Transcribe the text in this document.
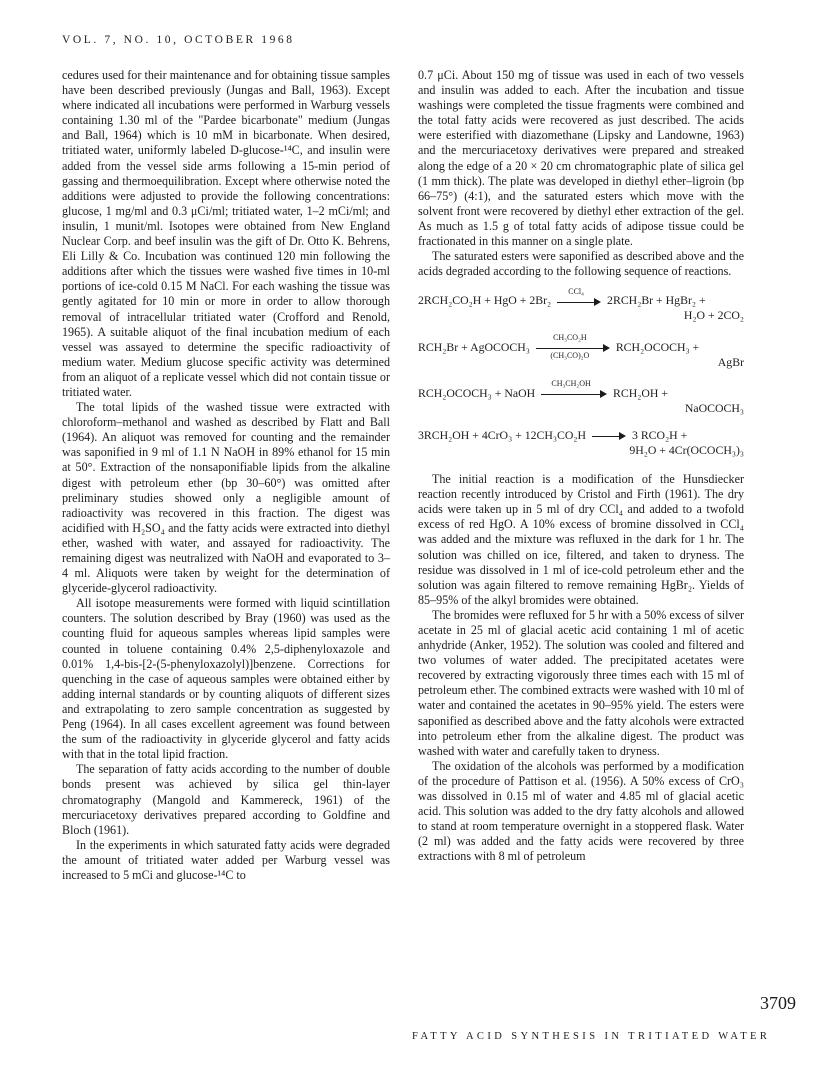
VOL. 7, NO. 10, OCTOBER 1968

cedures used for their maintenance and for obtaining tissue samples have been described previously (Jungas and Ball, 1963). Except where indicated all incubations were performed in Warburg vessels containing 1.30 ml of the "Pardee bicarbonate" medium (Jungas and Ball, 1964) which is 10 mM in bicarbonate. When desired, tritiated water, uniformly labeled D-glucose-¹⁴C, and insulin were added from the vessel side arms following a 15-min period of gassing and thermoequilibration. Except where otherwise noted the additions were adjusted to provide the following concentrations: glucose, 1 mg/ml and 0.3 μCi/ml; tritiated water, 1–2 mCi/ml; and insulin, 1 munit/ml. Isotopes were obtained from New England Nuclear Corp. and beef insulin was the gift of Dr. Otto K. Behrens, Eli Lilly & Co. Incubation was continued 120 min following the additions after which the tissues were washed five times in 10-ml portions of ice-cold 0.15 M NaCl. For each washing the tissue was gently agitated for 10 min or more in order to allow thorough removal of intracellular tritiated water (Crofford and Renold, 1965). A suitable aliquot of the final incubation medium of each vessel was assayed to determine the specific radioactivity of medium water. Medium glucose specific activity was determined from an aliquot of a replicate vessel which did not contain tissue or tritiated water.

The total lipids of the washed tissue were extracted with chloroform–methanol and washed as described by Flatt and Ball (1964). An aliquot was removed for counting and the remainder was saponified in 9 ml of 1.1 N NaOH in 89% ethanol for 15 min at 50°. Extraction of the nonsaponifiable lipids from the alkaline digest with petroleum ether (bp 30–60°) was omitted after preliminary studies showed only a negligible amount of radioactivity was recovered in this fraction. The digest was acidified with H₂SO₄ and the fatty acids were extracted into diethyl ether, washed with water, and assayed for radioactivity. The remaining digest was neutralized with NaOH and evaporated to 3–4 ml. Aliquots were taken by weight for the determination of glyceride-glycerol radioactivity.

All isotope measurements were formed with liquid scintillation counters. The solution described by Bray (1960) was used as the counting fluid for aqueous samples whereas lipid samples were counted in toluene containing 0.4% 2,5-diphenyloxazole and 0.01% 1,4-bis-[2-(5-phenyloxazolyl)]benzene. Corrections for quenching in the case of aqueous samples were obtained either by adding internal standards or by counting aliquots of different sizes and extrapolating to zero sample concentration as suggested by Peng (1964). In all cases excellent agreement was found between the sum of the radioactivity in glyceride glycerol and fatty acids with that in the total lipid fraction.

The separation of fatty acids according to the number of double bonds present was achieved by silica gel thin-layer chromatography (Mangold and Kammereck, 1961) of the mercuriacetoxy derivatives prepared according to Goldfine and Bloch (1961).

In the experiments in which saturated fatty acids were degraded the amount of tritiated water added per Warburg vessel was increased to 5 mCi and glucose-¹⁴C to

0.7 μCi. About 150 mg of tissue was used in each of two vessels and insulin was added to each. After the incubation and tissue washings were completed the tissue fragments were combined and the total fatty acids were recovered as just described. The acids were esterified with diazomethane (Lipsky and Landowne, 1963) and the mercuriacetoxy derivatives were prepared and streaked along the edge of a 20 × 20 cm chromatographic plate of silica gel (1 mm thick). The plate was developed in diethyl ether–ligroin (bp 66–75°) (4:1), and the saturated esters which move with the solvent front were recovered by diethyl ether extraction of the gel. As much as 1.5 g of total fatty acids of adipose tissue could be fractionated in this manner on a single plate.

The saturated esters were saponified as described above and the acids degraded according to the following sequence of reactions.

2RCH₂CO₂H + HgO + 2Br₂
CCl₄
2RCH₂Br + HgBr₂ +
H₂O + 2CO₂
RCH₂Br + AgOCOCH₃
CH₃CO₂H
(CH₃CO)₂O
RCH₂OCOCH₃ +
AgBr
RCH₂OCOCH₃ + NaOH
CH₃CH₂OH
RCH₂OH +
NaOCOCH₃
3RCH₂OH + 4CrO₃ + 12CH₃CO₂H	3 RCO₂H +
9H₂O + 4Cr(OCOCH₃)₃

The initial reaction is a modification of the Hunsdiecker reaction recently introduced by Cristol and Firth (1961). The dry acids were taken up in 5 ml of dry CCl₄ and added to a twofold excess of red HgO. A 10% excess of bromine dissolved in CCl₄ was added and the mixture was refluxed in the dark for 1 hr. The solution was chilled on ice, filtered, and taken to dryness. The residue was dissolved in 1 ml of ice-cold petroleum ether and the solution was again filtered to remove remaining HgBr₂. Yields of 85–95% of the alkyl bromides were obtained.

The bromides were refluxed for 5 hr with a 50% excess of silver acetate in 25 ml of glacial acetic acid containing 1 ml of acetic anhydride (Anker, 1952). The solution was cooled and filtered and two volumes of water added. The precipitated acetates were recovered by extracting vigorously three times each with 15 ml of petroleum ether. The combined extracts were washed with 10 ml of water and contained the acetates in 90–95% yield. The esters were saponified as described above and the fatty alcohols were extracted into petroleum ether from the alkaline digest. The product was washed with water and carefully taken to dryness.

The oxidation of the alcohols was performed by a modification of the procedure of Pattison et al. (1956). A 50% excess of CrO₃ was dissolved in 0.15 ml of water and 4.85 ml of glacial acetic acid. This solution was added to the dry fatty alcohols and allowed to stand at room temperature overnight in a stoppered flask. Water (2 ml) was added and the fatty acids were recovered by three extractions with 8 ml of petroleum

3709
FATTY ACID SYNTHESIS IN TRITIATED WATER
